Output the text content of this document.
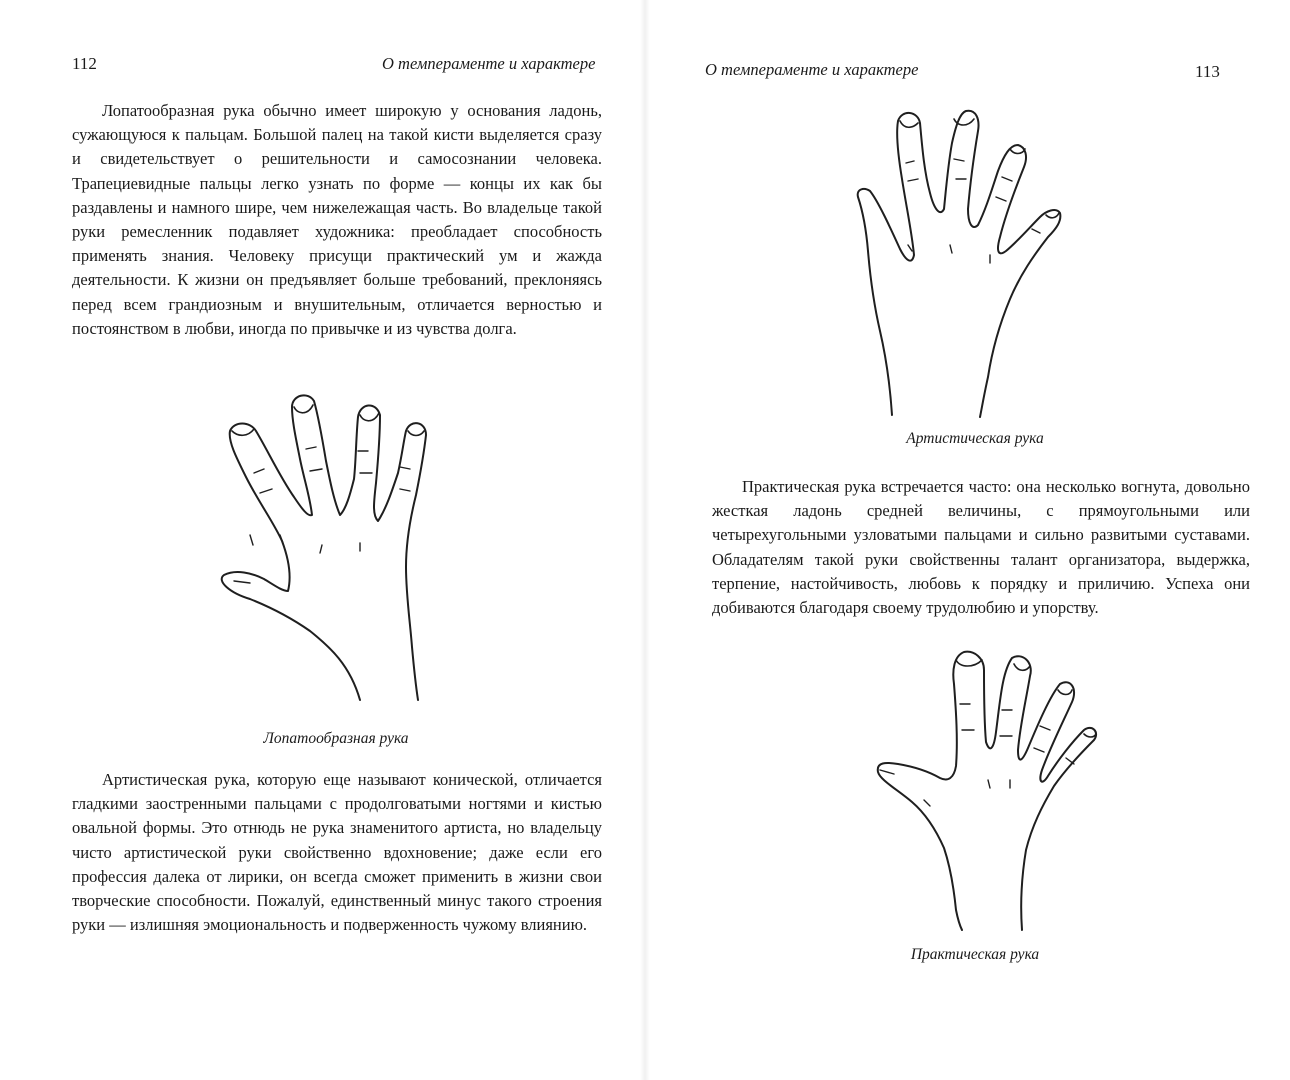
112	О темпераменте и характере

Лопатообразная рука обычно имеет широкую у основания ладонь, сужающуюся к пальцам. Большой палец на такой кисти выделяется сразу и свидетельствует о решительности и самосознании человека. Трапециевидные пальцы легко узнать по форме — концы их как бы раздавлены и намного шире, чем нижележащая часть. Во владельце такой руки ремесленник подавляет художника: преобладает способность применять знания. Человеку присущи практический ум и жажда деятельности. К жизни он предъявляет больше требований, преклоняясь перед всем грандиозным и внушительным, отличается верностью и постоянством в любви, иногда по привычке и из чувства долга.

Лопатообразная рука

Артистическая рука, которую еще называют конической, отличается гладкими заостренными пальцами с продолговатыми ногтями и кистью овальной формы. Это отнюдь не рука знаменитого артиста, но владельцу чисто артистической руки свойственно вдохновение; даже если его профессия далека от лирики, он всегда сможет применить в жизни свои творческие способности. Пожалуй, единственный минус такого строения руки — излишняя эмоциональность и подверженность чужому влиянию.

О темпераменте и характере	113
Артистическая рука

Практическая рука встречается часто: она несколько вогнута, довольно жесткая ладонь средней величины, с прямоугольными или четырехугольными узловатыми пальцами и сильно развитыми суставами. Обладателям такой руки свойственны талант организатора, выдержка, терпение, настойчивость, любовь к порядку и приличию. Успеха они добиваются благодаря своему трудолюбию и упорству.

Практическая рука
